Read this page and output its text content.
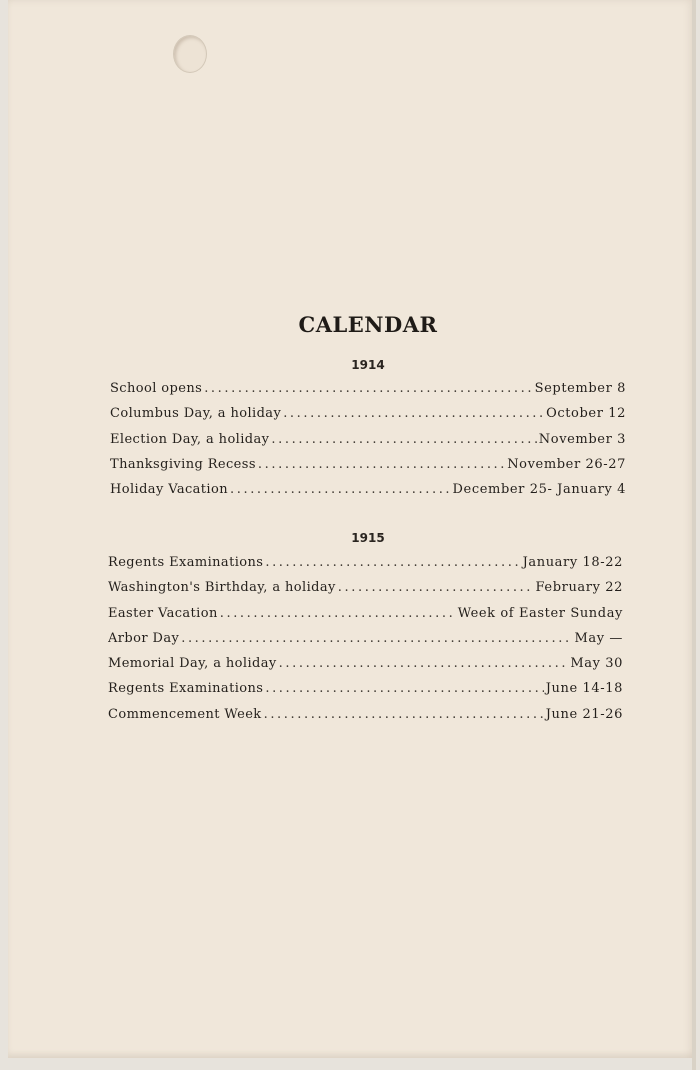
CALENDAR
1914
School opens .....	September 8
Columbus Day, a holiday .....	October 12
Election Day, a holiday .....	November 3
Thanksgiving Recess .....	November 26-27
Holiday Vacation .....	December 25- January 4
1915
Regents Examinations .....	January 18-22
Washington's Birthday, a holiday .....	February 22
Easter Vacation .....	Week of Easter Sunday
Arbor Day .....	May —
Memorial Day, a holiday .....	May 30
Regents Examinations .....	June 14-18
Commencement Week .....	June 21-26
